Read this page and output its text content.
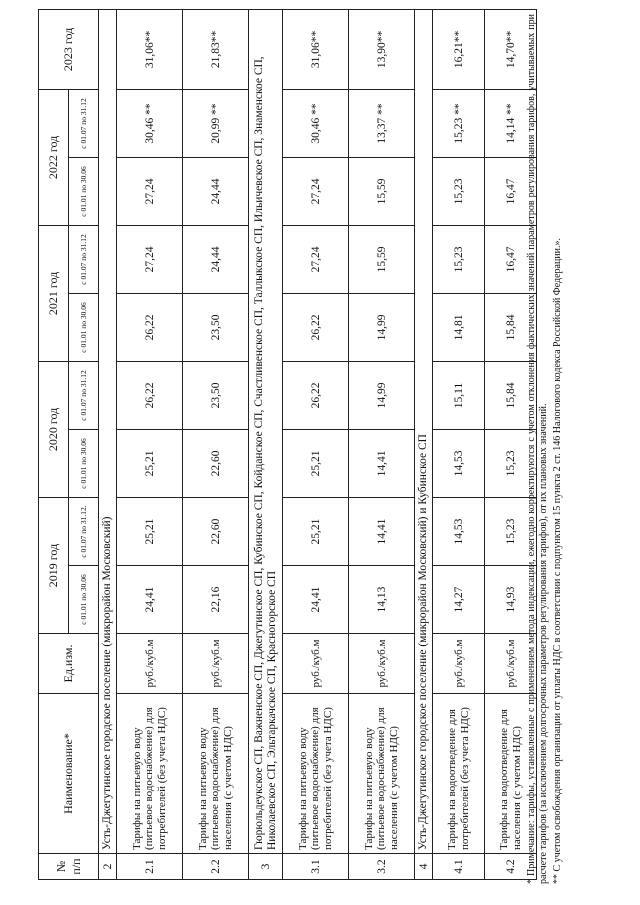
№ п/п	Наименование*	Ед.изм.	2019 год		2020 год		2021 год		2022 год		2023 год
			с 01.01 по 30.06	с 01.07 по 31.12.	с 01.01 по 30.06	с 01.07 по 31.12	с 01.01 по 30.06	с 01.07 по 31.12	с 01.01 по 30.06	с 01.07 по 31.12	
2	Усть-Джегутинское городское поселение (микрорайон Московский)										
2.1	Тарифы на питьевую воду (питьевое водоснабжение) для потребителей (без учета НДС)	руб./куб.м	24,41	25,21	25,21	26,22	26,22	27,24	27,24	30,46 **	31,06**
2.2	Тарифы на питьевую воду (питьевое водоснабжение) для населения (с учетом НДС)	руб./куб.м	22,16	22,60	22,60	23,50	23,50	24,44	24,44	20,99 **	21,83**
3	Гюрюльдеукское СП, Важненское СП, Джегутинское СП, Кубинское СП, Койданское СП, Счастливенское СП, Таллыкское СП, Ильичевское СП, Знаменское СП, Николаевское СП, Эльтаркачское СП, Красногорское СП										
3.1	Тарифы на питьевую воду (питьевое водоснабжение) для потребителей (без учета НДС)	руб./куб.м	24,41	25,21	25,21	26,22	26,22	27,24	27,24	30,46 **	31,06**
3.2	Тарифы на питьевую воду (питьевое водоснабжение) для населения (с учетом НДС)	руб./куб.м	14,13	14,41	14,41	14,99	14,99	15,59	15,59	13,37 **	13,90**
4	Усть-Джегутинское городское поселение (микрорайон Московский) и Кубинское СП										
4.1	Тарифы на водоотведение для потребителей (без учета НДС)	руб./куб.м	14,27	14,53	14,53	15,11	14,81	15,23	15,23	15,23 **	16,21**
4.2	Тарифы на водоотведение для населения (с учетом НДС)	руб./куб.м	14,93	15,23	15,23	15,84	15,84	16,47	16,47	14,14 **	14,70** * Примечание: тарифы, установленные с применением метода индексации, ежегодно корректируются с учетом отклонения фактических значений параметров регулирования тарифов, учитываемых при расчете тарифов (за исключением долгосрочных параметров регулирования тарифов), от их плановых значений. ** С учетом освобождения организации от уплаты НДС в соответствии с подпунктом 15 пункта 2 ст. 146 Налогового кодекса Российской Федерации.».
